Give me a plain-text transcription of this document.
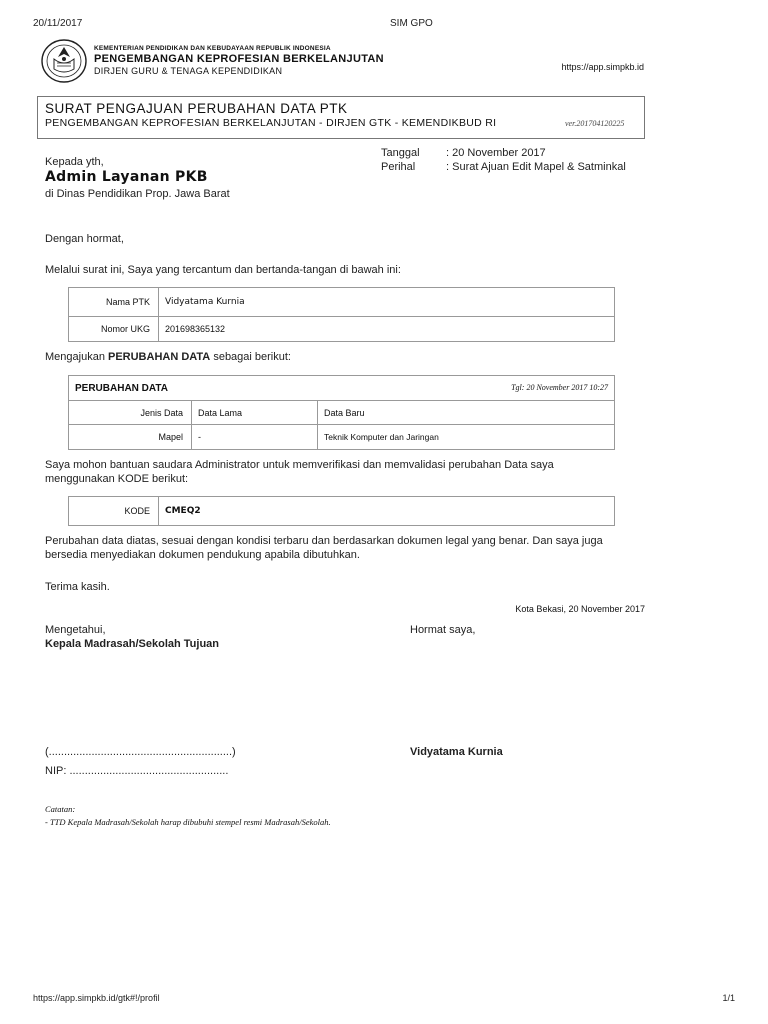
20/11/2017	SIM GPO
KEMENTERIAN PENDIDIKAN DAN KEBUDAYAAN REPUBLIK INDONESIA
PENGEMBANGAN KEPROFESIAN BERKELANJUTAN
DIRJEN GURU & TENAGA KEPENDIDIKAN	https://app.simpkb.id
SURAT PENGAJUAN PERUBAHAN DATA PTK
PENGEMBANGAN KEPROFESIAN BERKELANJUTAN - DIRJEN GTK - KEMENDIKBUD RI	ver.201704120225
Kepada yth,
Admin Layanan PKB
di Dinas Pendidikan Prop. Jawa Barat
Tanggal : 20 November 2017
Perihal	: Surat Ajuan Edit Mapel & Satminkal
Dengan hormat,
Melalui surat ini, Saya yang tercantum dan bertanda-tangan di bawah ini:
Nama PTK	Vidyatama Kurnia
Nomor UKG	201698365132
Mengajukan PERUBAHAN DATA sebagai berikut:
PERUBAHAN DATA Tgl: 20 November 2017 10:27		

Jenis Data	Data Lama	Data Baru
Mapel	-	Teknik Komputer dan Jaringan
Saya mohon bantuan saudara Administrator untuk memverifikasi dan memvalidasi perubahan Data saya
menggunakan KODE berikut:
KODE	CMEQ2
Perubahan data diatas, sesuai dengan kondisi terbaru dan berdasarkan dokumen legal yang benar. Dan saya juga
bersedia menyediakan dokumen pendukung apabila dibutuhkan.
Terima kasih.
Kota Bekasi, 20 November 2017
Mengetahui,
Kepala Madrasah/Sekolah Tujuan
Hormat saya,
(............................................................)
NIP: ....................................................
Vidyatama Kurnia
Catatan:
- TTD Kepala Madrasah/Sekolah harap dibubuhi stempel resmi Madrasah/Sekolah.
https://app.simpkb.id/gtk#!/profil	1/1
